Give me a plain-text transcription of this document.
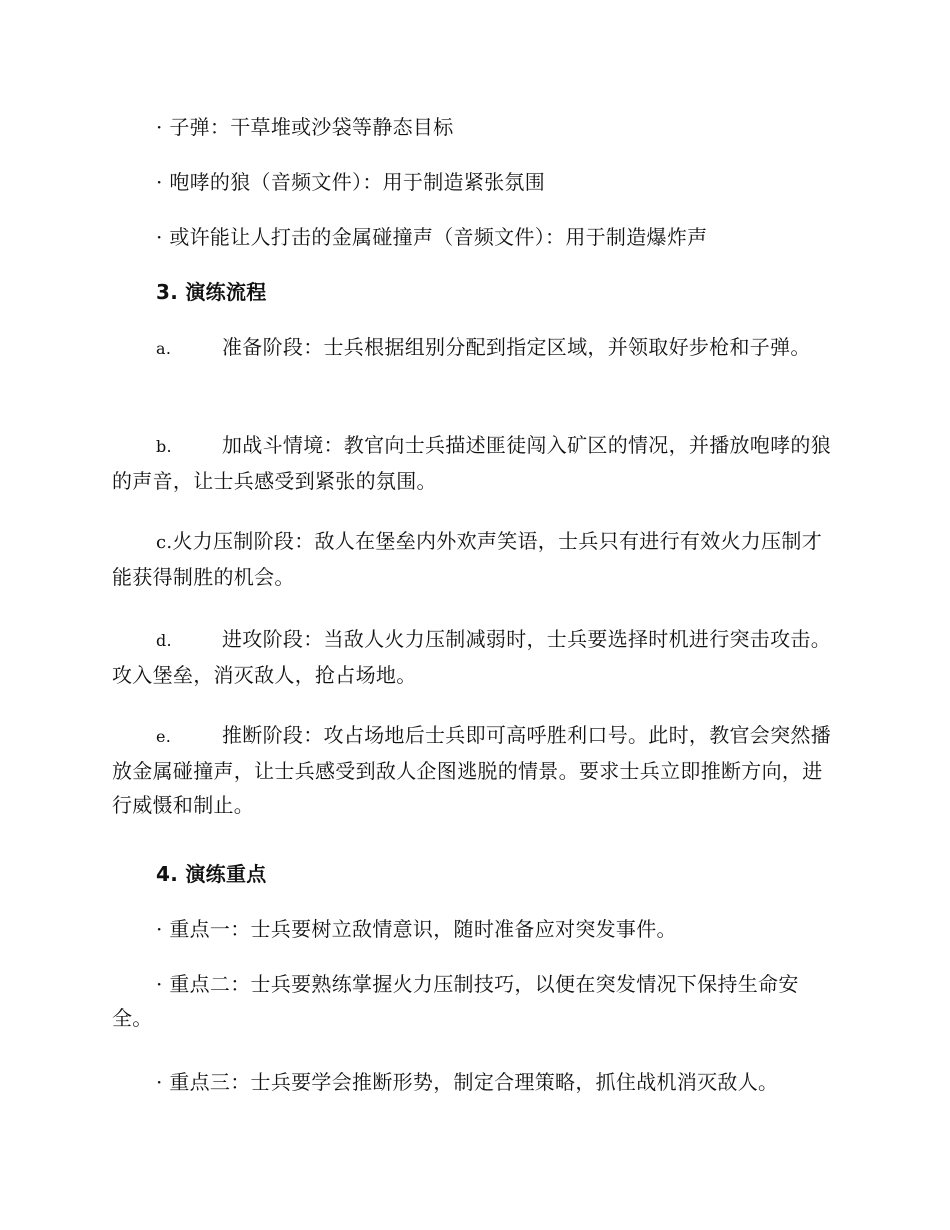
· 子弹：干草堆或沙袋等静态目标
· 咆哮的狼（音频文件）：用于制造紧张氛围
· 或许能让人打击的金属碰撞声（音频文件）：用于制造爆炸声
3. 演练流程
a.	准备阶段：士兵根据组别分配到指定区域，并领取好步枪和子弹。
b.	加战斗情境：教官向士兵描述匪徒闯入矿区的情况，并播放咆哮的狼的声音，让士兵感受到紧张的氛围。
c.火力压制阶段：敌人在堡垒内外欢声笑语，士兵只有进行有效火力压制才能获得制胜的机会。
d.	进攻阶段：当敌人火力压制减弱时，士兵要选择时机进行突击攻击。攻入堡垒，消灭敌人，抢占场地。
e.	推断阶段：攻占场地后士兵即可高呼胜利口号。此时，教官会突然播放金属碰撞声，让士兵感受到敌人企图逃脱的情景。要求士兵立即推断方向，进行威慑和制止。
4. 演练重点
· 重点一：士兵要树立敌情意识，随时准备应对突发事件。
· 重点二：士兵要熟练掌握火力压制技巧，以便在突发情况下保持生命安全。
· 重点三：士兵要学会推断形势，制定合理策略，抓住战机消灭敌人。
